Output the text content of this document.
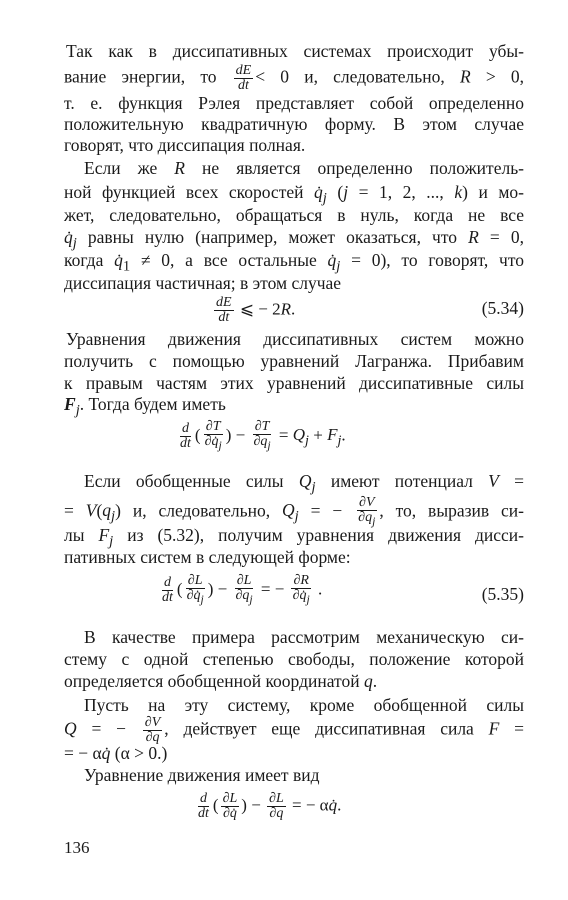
Так как в диссипативных системах происходит убы-
вание энергии, то $\frac{dE}{dt} < 0$ и, следовательно, R > 0,
т. е. функция Рэлея представляет собой определенно
положительную квадратичную форму. В этом случае
говорят, что диссипация полная.
Если же R не является определенно положитель-
ной функцией всех скоростей $q̇_j$ (j = 1, 2, ..., k) и мо-
жет, следовательно, обращаться в нуль, когда не все
$q̇_j$ равны нулю (например, может оказаться, что R = 0,
когда $q̇_1 \ne 0$, а все остальные $q̇_j = 0$), то говорят, что
диссипация частичная; в этом случае
$\frac{dE}{dt}$ ⩽ − 2R.	(5.34)
Уравнения движения диссипативных систем можно
получить с помощью уравнений Лагранжа. Прибавим
к правым частям этих уравнений диссипативные силы
$F_j$. Тогда будем иметь
$\frac{d}{dt}$ ( $\frac{\partial T}{\partial q̇_j}$ ) − $\frac{\partial T}{\partial q_j} = Q_j + F_j$.
Если обобщенные силы $Q_j$ имеют потенциал V =
= $V(q_j)$ и, следовательно, $Q_j$ = − $\frac{\partial V}{\partial q_j}$ , то, выразив си-
лы $F_j$ из (5.32), получим уравнения движения дисси-
пативных систем в следующей форме:
$\frac{d}{dt}$ ( $\frac{\partial L}{\partial q̇_j}$ ) − $\frac{\partial L}{\partial q_j}$ = − $\frac{\partial R}{\partial q̇_j}$ .	(5.35)
В качестве примера рассмотрим механическую си-
стему с одной степенью свободы, положение которой
определяется обобщенной координатой q.
Пусть на эту систему, кроме обобщенной силы
Q = − $\frac{\partial V}{\partial q}$ , действует еще диссипативная сила F =
= − αq̇ (α > 0.)
Уравнение движения имеет вид
$\frac{d}{dt}$ ( $\frac{\partial L}{\partial q̇}$ ) − $\frac{\partial L}{\partial q}$ = − αq̇.
136
